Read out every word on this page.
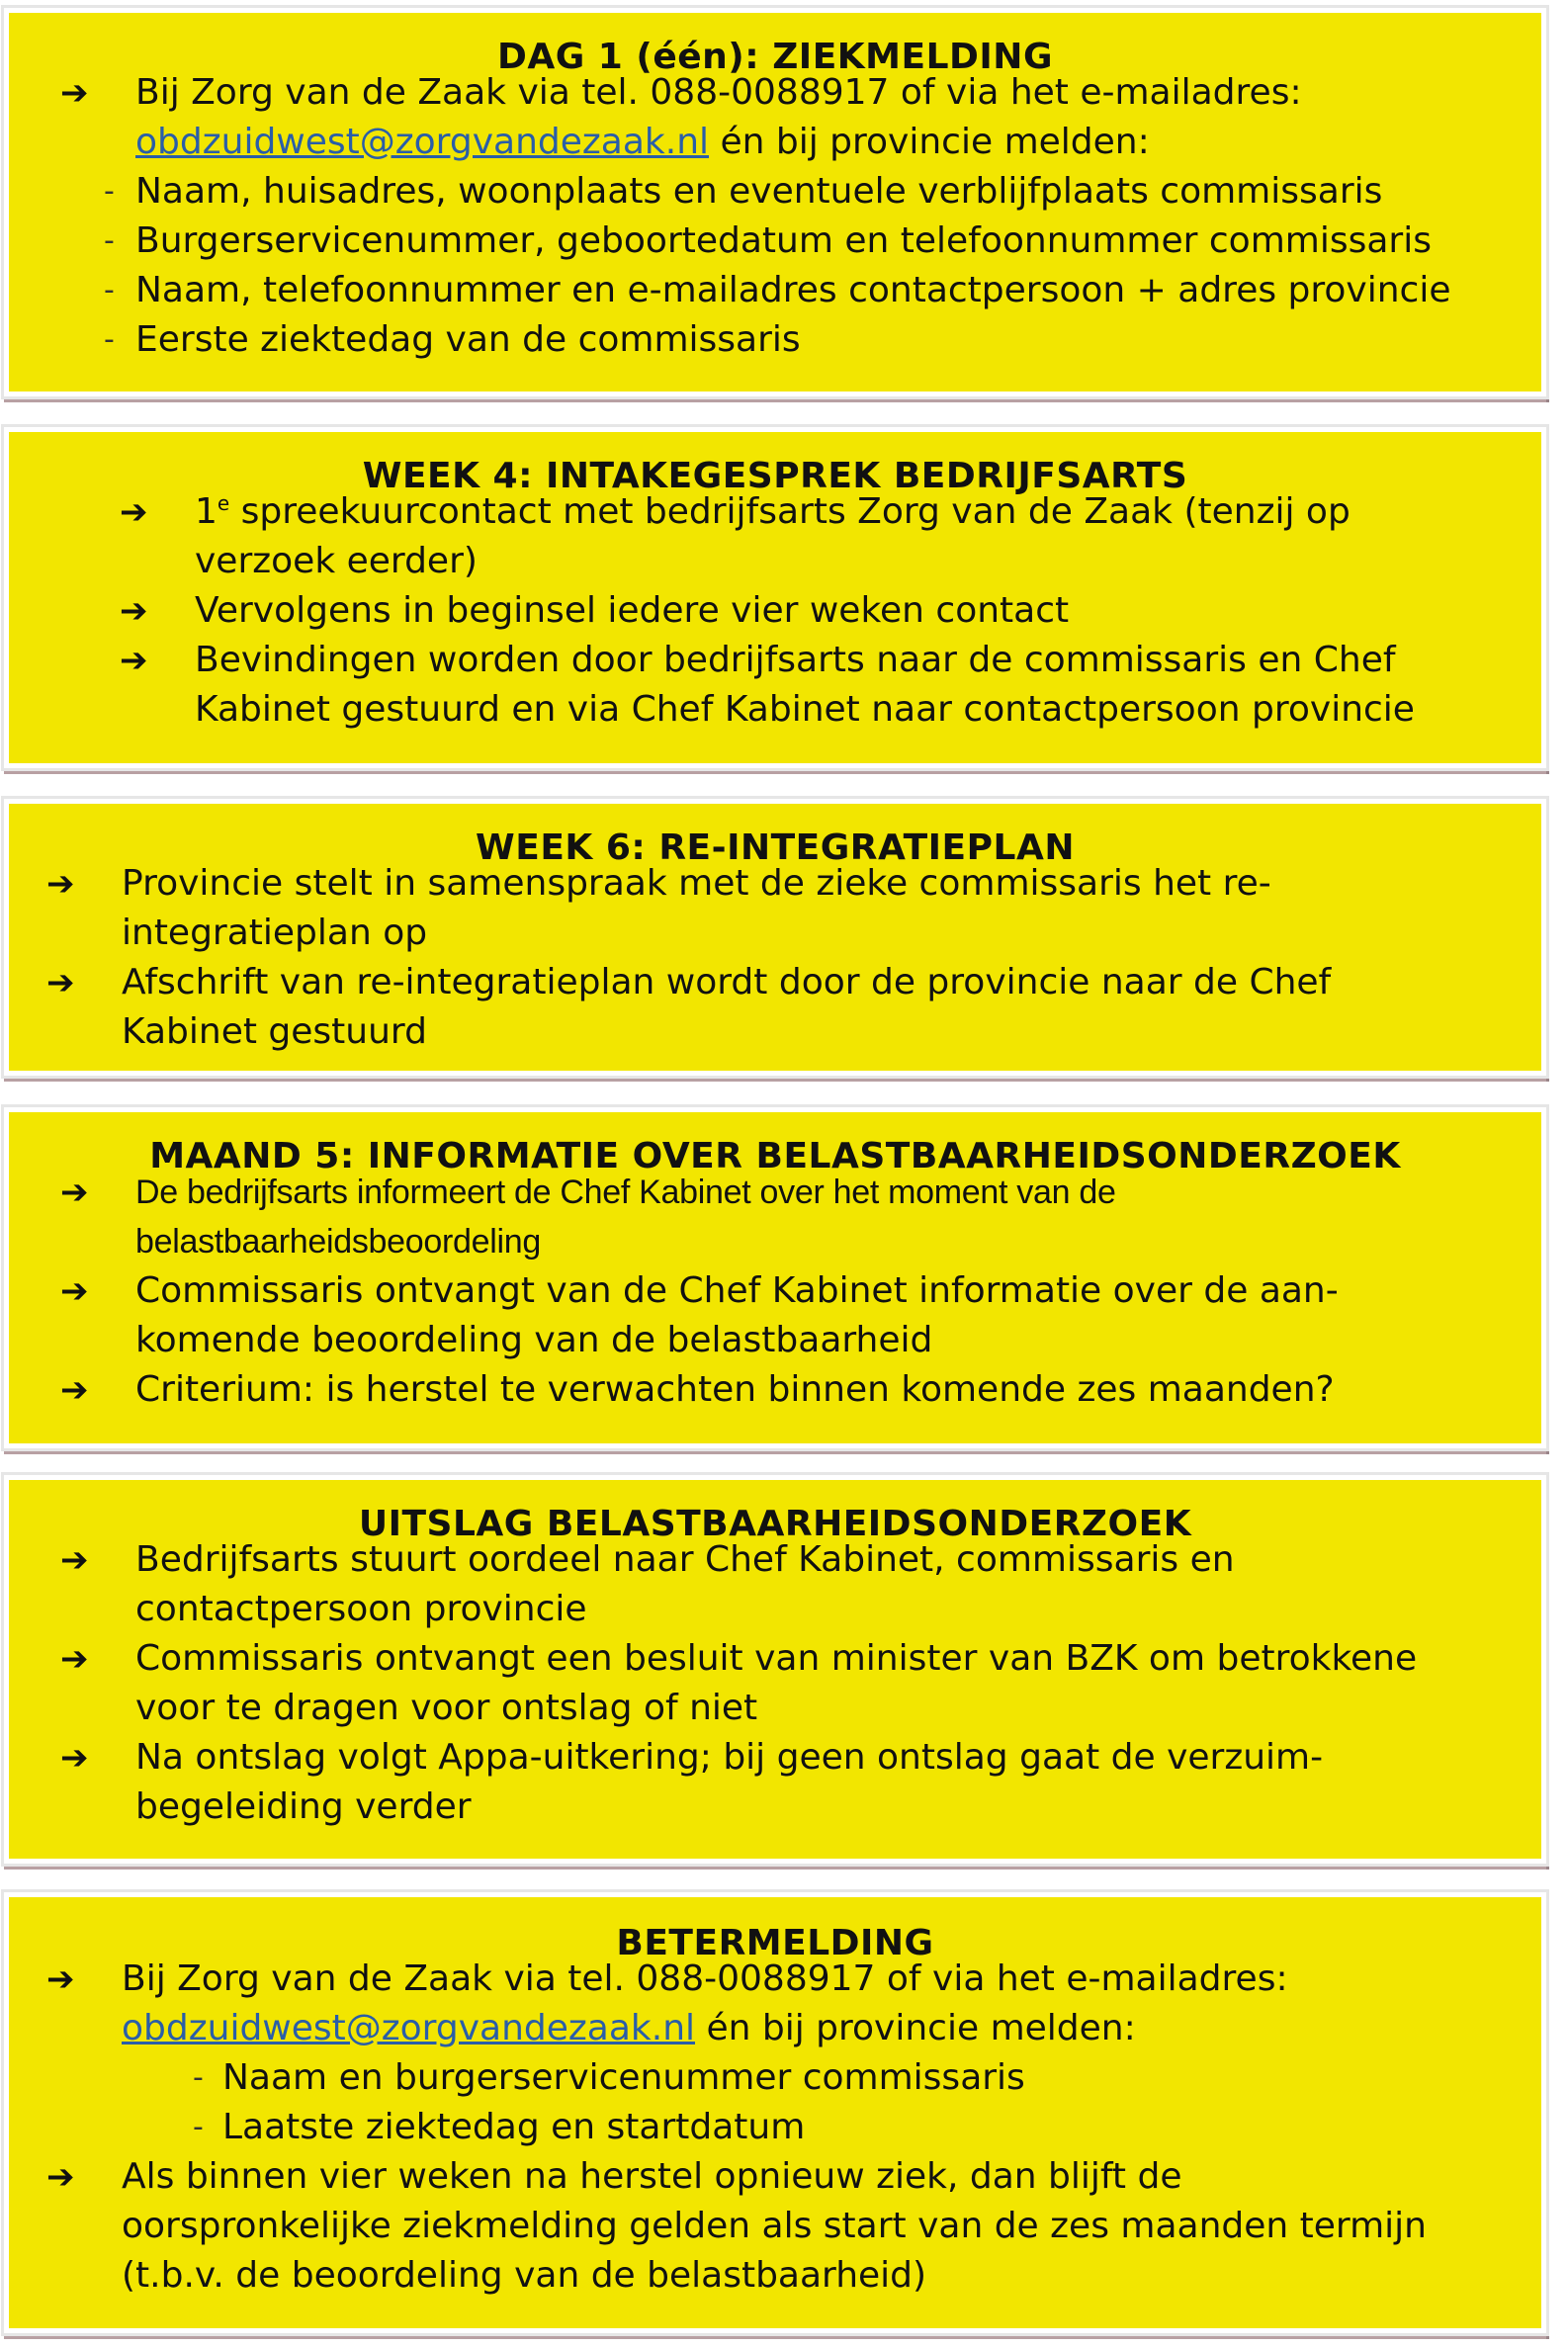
DAG 1 (één): ZIEKMELDING
➔ Bij Zorg van de Zaak via tel. 088-0088917 of via het e-mailadres:
obdzuidwest@zorgvandezaak.nl én bij provincie melden:
- Naam, huisadres, woonplaats en eventuele verblijfplaats commissaris
- Burgerservicenummer, geboortedatum en telefoonnummer commissaris
- Naam, telefoonnummer en e-mailadres contactpersoon + adres provincie
- Eerste ziektedag van de commissaris
WEEK 4: INTAKEGESPREK BEDRIJFSARTS
➔ 1e spreekuurcontact met bedrijfsarts Zorg van de Zaak (tenzij op
verzoek eerder)
➔ Vervolgens in beginsel iedere vier weken contact
➔ Bevindingen worden door bedrijfsarts naar de commissaris en Chef
Kabinet gestuurd en via Chef Kabinet naar contactpersoon provincie
WEEK 6: RE-INTEGRATIEPLAN
➔ Provincie stelt in samenspraak met de zieke commissaris het re-
integratieplan op
➔ Afschrift van re-integratieplan wordt door de provincie naar de Chef
Kabinet gestuurd
MAAND 5: INFORMATIE OVER BELASTBAARHEIDSONDERZOEK
➔ De bedrijfsarts informeert de Chef Kabinet over het moment van de
belastbaarheidsbeoordeling
➔ Commissaris ontvangt van de Chef Kabinet informatie over de aan-
komende beoordeling van de belastbaarheid
➔ Criterium: is herstel te verwachten binnen komende zes maanden?
UITSLAG BELASTBAARHEIDSONDERZOEK
➔ Bedrijfsarts stuurt oordeel naar Chef Kabinet, commissaris en
contactpersoon provincie
➔ Commissaris ontvangt een besluit van minister van BZK om betrokkene
voor te dragen voor ontslag of niet
➔ Na ontslag volgt Appa-uitkering; bij geen ontslag gaat de verzuim-
begeleiding verder
BETERMELDING
➔ Bij Zorg van de Zaak via tel. 088-0088917 of via het e-mailadres:
obdzuidwest@zorgvandezaak.nl én bij provincie melden:
- Naam en burgerservicenummer commissaris
- Laatste ziektedag en startdatum
➔ Als binnen vier weken na herstel opnieuw ziek, dan blijft de
oorspronkelijke ziekmelding gelden als start van de zes maanden termijn
(t.b.v. de beoordeling van de belastbaarheid)
